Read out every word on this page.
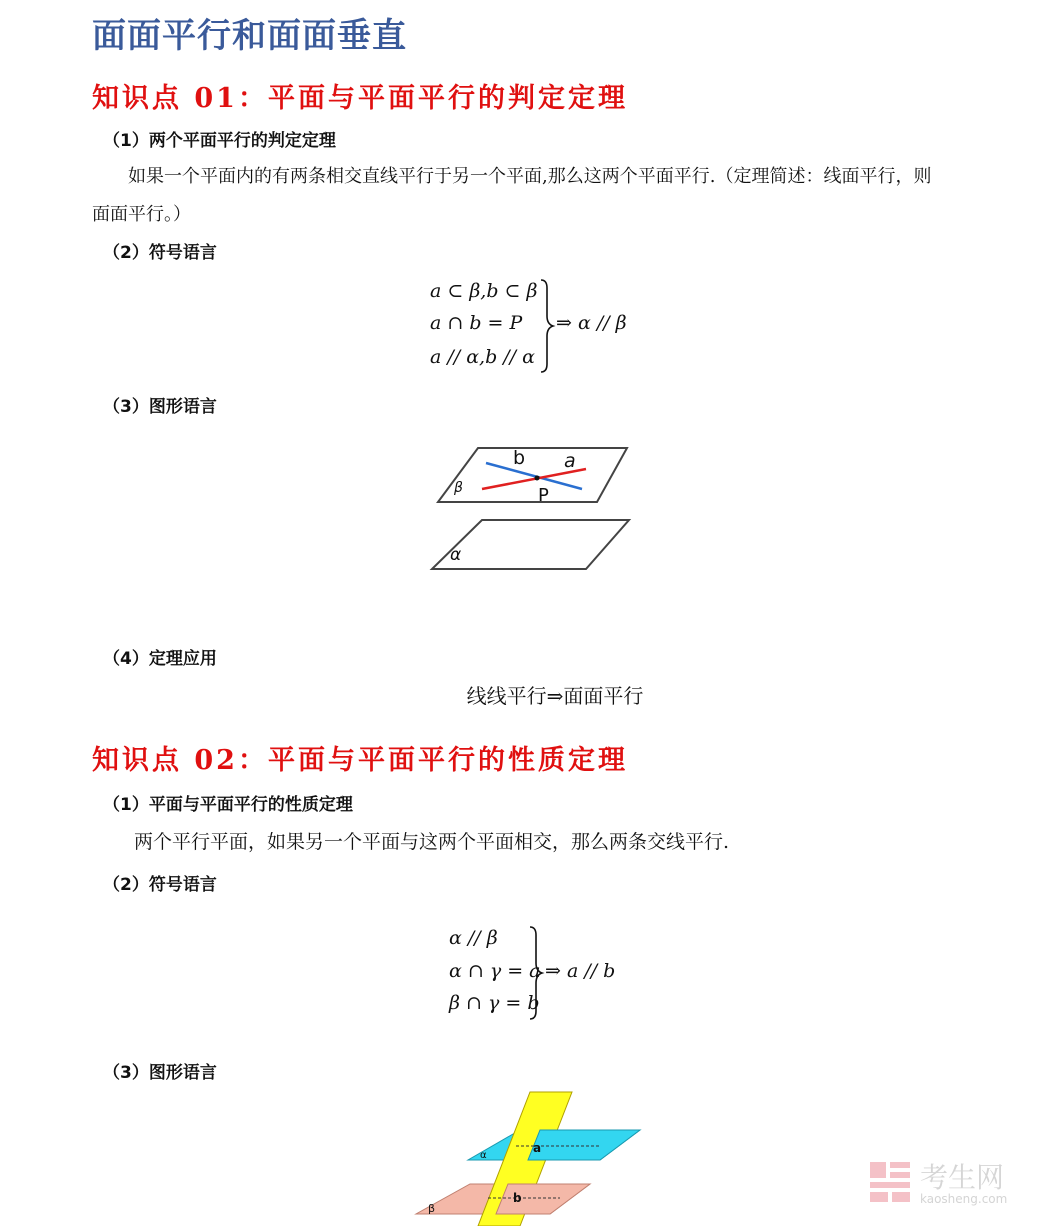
面面平行和面面垂直
知识点 01：平面与平面平行的判定定理
（1）两个平面平行的判定定理
如果一个平面内的有两条相交直线平行于另一个平面,那么这两个平面平行.（定理简述：线面平行，则
面面平行。）
（2）符号语言
a ⊂ β,b ⊂ β
a ∩ b = P
a // α,b // α
⇒ α // β
（3）图形语言
b a
β	P
α
（4）定理应用
线线平行⇒面面平行
知识点 02：平面与平面平行的性质定理
（1）平面与平面平行的性质定理
两个平行平面，如果另一个平面与这两个平面相交，那么两条交线平行.
（2）符号语言
α // β
α ∩ γ = a
β ∩ γ = b
⇒ a // b
（3）图形语言
a
α
b
β
考生网
kaosheng.com
